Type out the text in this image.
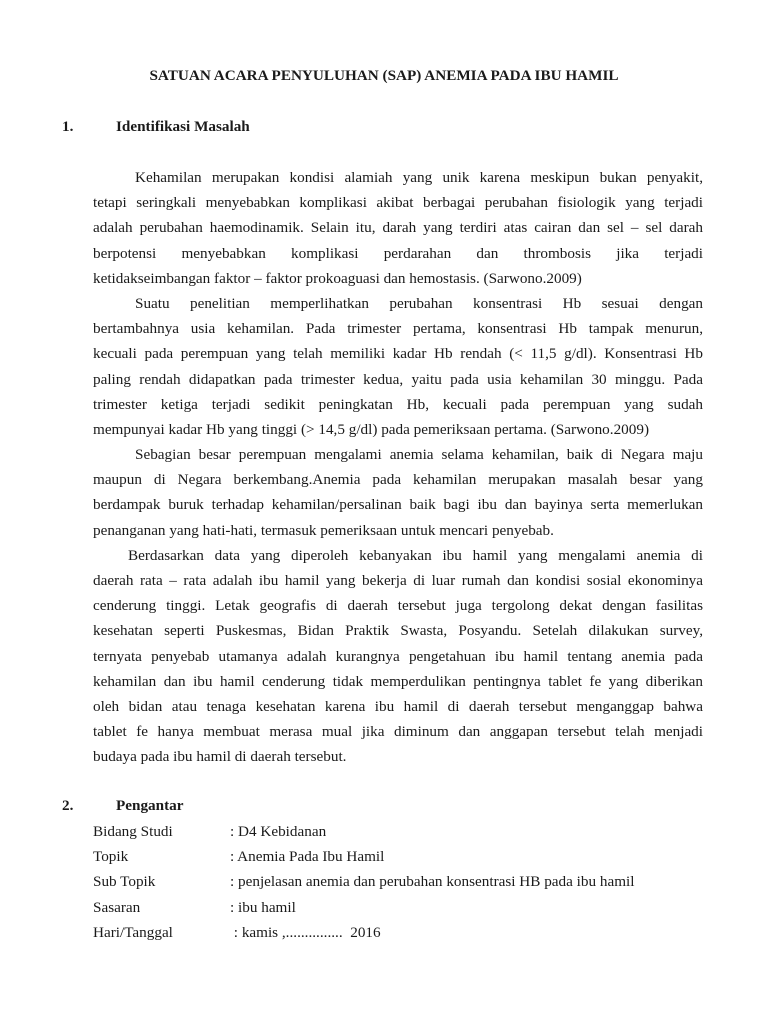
SATUAN ACARA PENYULUHAN (SAP) ANEMIA PADA IBU HAMIL
1.	Identifikasi Masalah
Kehamilan merupakan kondisi alamiah yang unik karena meskipun bukan penyakit,
tetapi seringkali menyebabkan komplikasi akibat berbagai perubahan fisiologik yang terjadi
adalah perubahan haemodinamik. Selain itu, darah yang terdiri atas cairan dan sel – sel darah
berpotensi menyebabkan komplikasi perdarahan dan thrombosis jika terjadi
ketidakseimbangan faktor – faktor prokoaguasi dan hemostasis. (Sarwono.2009)
Suatu penelitian memperlihatkan perubahan konsentrasi Hb sesuai dengan
bertambahnya usia kehamilan. Pada trimester pertama, konsentrasi Hb tampak menurun,
kecuali pada perempuan yang telah memiliki kadar Hb rendah (< 11,5 g/dl). Konsentrasi Hb
paling rendah didapatkan pada trimester kedua, yaitu pada usia kehamilan 30 minggu. Pada
trimester ketiga terjadi sedikit peningkatan Hb, kecuali pada perempuan yang sudah
mempunyai kadar Hb yang tinggi (> 14,5 g/dl) pada pemeriksaan pertama. (Sarwono.2009)
Sebagian besar perempuan mengalami anemia selama kehamilan, baik di Negara maju
maupun di Negara berkembang.Anemia pada kehamilan merupakan masalah besar yang
berdampak buruk terhadap kehamilan/persalinan baik bagi ibu dan bayinya serta memerlukan
penanganan yang hati-hati, termasuk pemeriksaan untuk mencari penyebab.
Berdasarkan data yang diperoleh kebanyakan ibu hamil yang mengalami anemia di
daerah rata – rata adalah ibu hamil yang bekerja di luar rumah dan kondisi sosial ekonominya
cenderung tinggi. Letak geografis di daerah tersebut juga tergolong dekat dengan fasilitas
kesehatan seperti Puskesmas, Bidan Praktik Swasta, Posyandu. Setelah dilakukan survey,
ternyata penyebab utamanya adalah kurangnya pengetahuan ibu hamil tentang anemia pada
kehamilan dan ibu hamil cenderung tidak memperdulikan pentingnya tablet fe yang diberikan
oleh bidan atau tenaga kesehatan karena ibu hamil di daerah tersebut menganggap bahwa
tablet fe hanya membuat merasa mual jika diminum dan anggapan tersebut telah menjadi
budaya pada ibu hamil di daerah tersebut.
2.	Pengantar
Bidang Studi	: D4 Kebidanan
Topik	: Anemia Pada Ibu Hamil
Sub Topik	: penjelasan anemia dan perubahan konsentrasi HB pada ibu hamil
Sasaran	: ibu hamil
Hari/Tanggal	: kamis ,...............  2016
